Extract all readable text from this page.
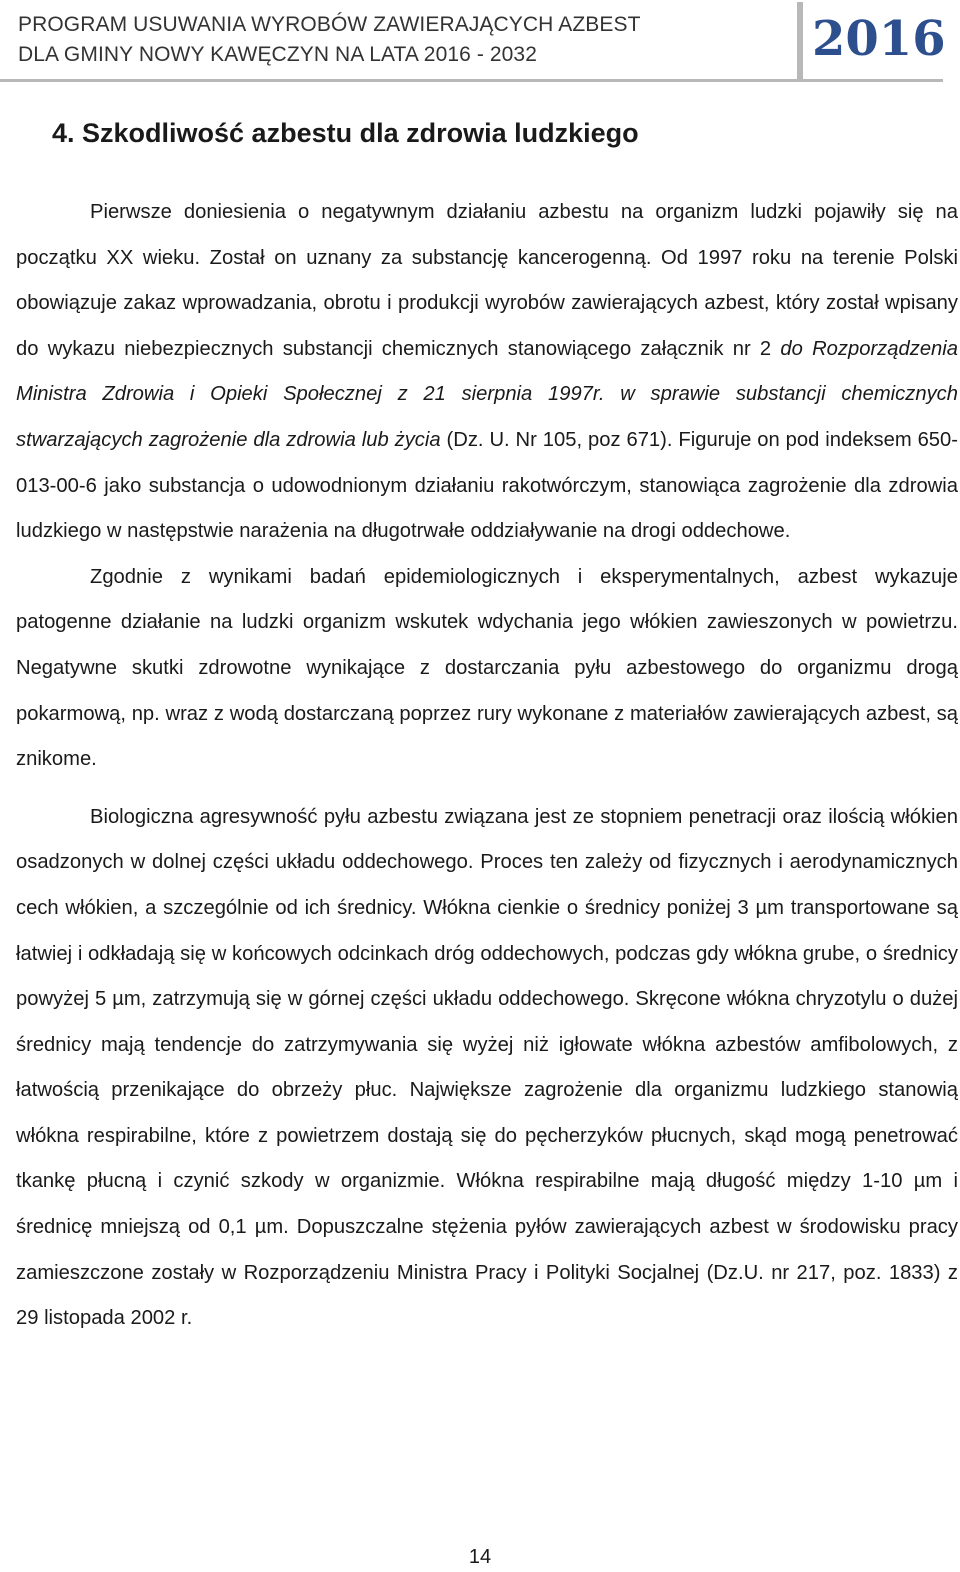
PROGRAM USUWANIA WYROBÓW ZAWIERAJĄCYCH AZBEST
DLA GMINY NOWY KAWĘCZYN NA LATA 2016 - 2032	2016
4. Szkodliwość azbestu dla zdrowia ludzkiego

Pierwsze doniesienia o negatywnym działaniu azbestu na organizm ludzki pojawiły się na początku XX wieku. Został on uznany za substancję kancerogenną. Od 1997 roku na terenie Polski obowiązuje zakaz wprowadzania, obrotu i produkcji wyrobów zawierających azbest, który został wpisany do wykazu niebezpiecznych substancji chemicznych stanowiącego załącznik nr 2 do Rozporządzenia Ministra Zdrowia i Opieki Społecznej z 21 sierpnia 1997r. w sprawie substancji chemicznych stwarzających zagrożenie dla zdrowia lub życia (Dz. U. Nr 105, poz 671). Figuruje on pod indeksem 650-013-00-6 jako substancja o udowodnionym działaniu rakotwórczym, stanowiąca zagrożenie dla zdrowia ludzkiego w następstwie narażenia na długotrwałe oddziaływanie na drogi oddechowe.

Zgodnie z wynikami badań epidemiologicznych i eksperymentalnych, azbest wykazuje patogenne działanie na ludzki organizm wskutek wdychania jego włókien zawieszonych w powietrzu. Negatywne skutki zdrowotne wynikające z dostarczania pyłu azbestowego do organizmu drogą pokarmową, np. wraz z wodą dostarczaną poprzez rury wykonane z materiałów zawierających azbest, są znikome.

Biologiczna agresywność pyłu azbestu związana jest ze stopniem penetracji oraz ilością włókien osadzonych w dolnej części układu oddechowego. Proces ten zależy od fizycznych i aerodynamicznych cech włókien, a szczególnie od ich średnicy. Włókna cienkie o średnicy poniżej 3 µm transportowane są łatwiej i odkładają się w końcowych odcinkach dróg oddechowych, podczas gdy włókna grube, o średnicy powyżej 5 µm, zatrzymują się w górnej części układu oddechowego. Skręcone włókna chryzotylu o dużej średnicy mają tendencje do zatrzymywania się wyżej niż igłowate włókna azbestów amfibolowych, z łatwością przenikające do obrzeży płuc. Największe zagrożenie dla organizmu ludzkiego stanowią włókna respirabilne, które z powietrzem dostają się do pęcherzyków płucnych, skąd mogą penetrować tkankę płucną i czynić szkody w organizmie. Włókna respirabilne mają długość między 1-10 µm i średnicę mniejszą od 0,1 µm. Dopuszczalne stężenia pyłów zawierających azbest w środowisku pracy zamieszczone zostały w Rozporządzeniu Ministra Pracy i Polityki Socjalnej (Dz.U. nr 217, poz. 1833) z 29 listopada 2002 r.

14
